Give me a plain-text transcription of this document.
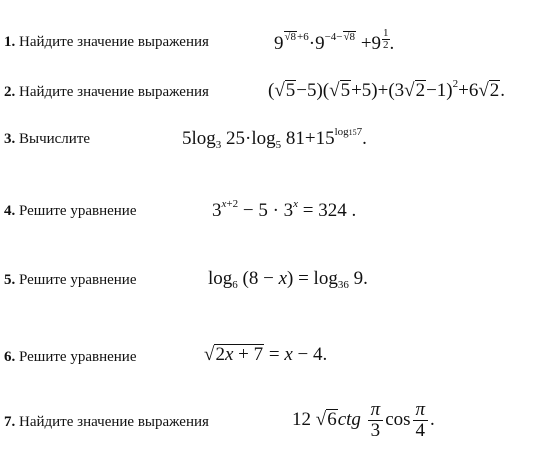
1. Найдите значение выражения	$9^{√8+6}\cdot 9^{-4-√8} +9 \frac{1}{2}$ .
2. Найдите значение выражения	$(√5-5)(√5+5)+(3√2-1)^2+6√2$.
3. Вычислите	$5\log_3$ $25\cdot\log_5$ $81+15^{log157}$.
4. Решите уравнение	$3^{x+2} - 5 \cdot 3^x = 324$ .
5. Решите уравнение	$\log_6 (8 - x) = \log_{36} 9$.
6. Решите уравнение	√2x + 7 = x − 4.
7. Найдите значение выражения	12 $√6ctg \frac{\pi}{3}$ $\cos \frac{\pi}{4}$ .
